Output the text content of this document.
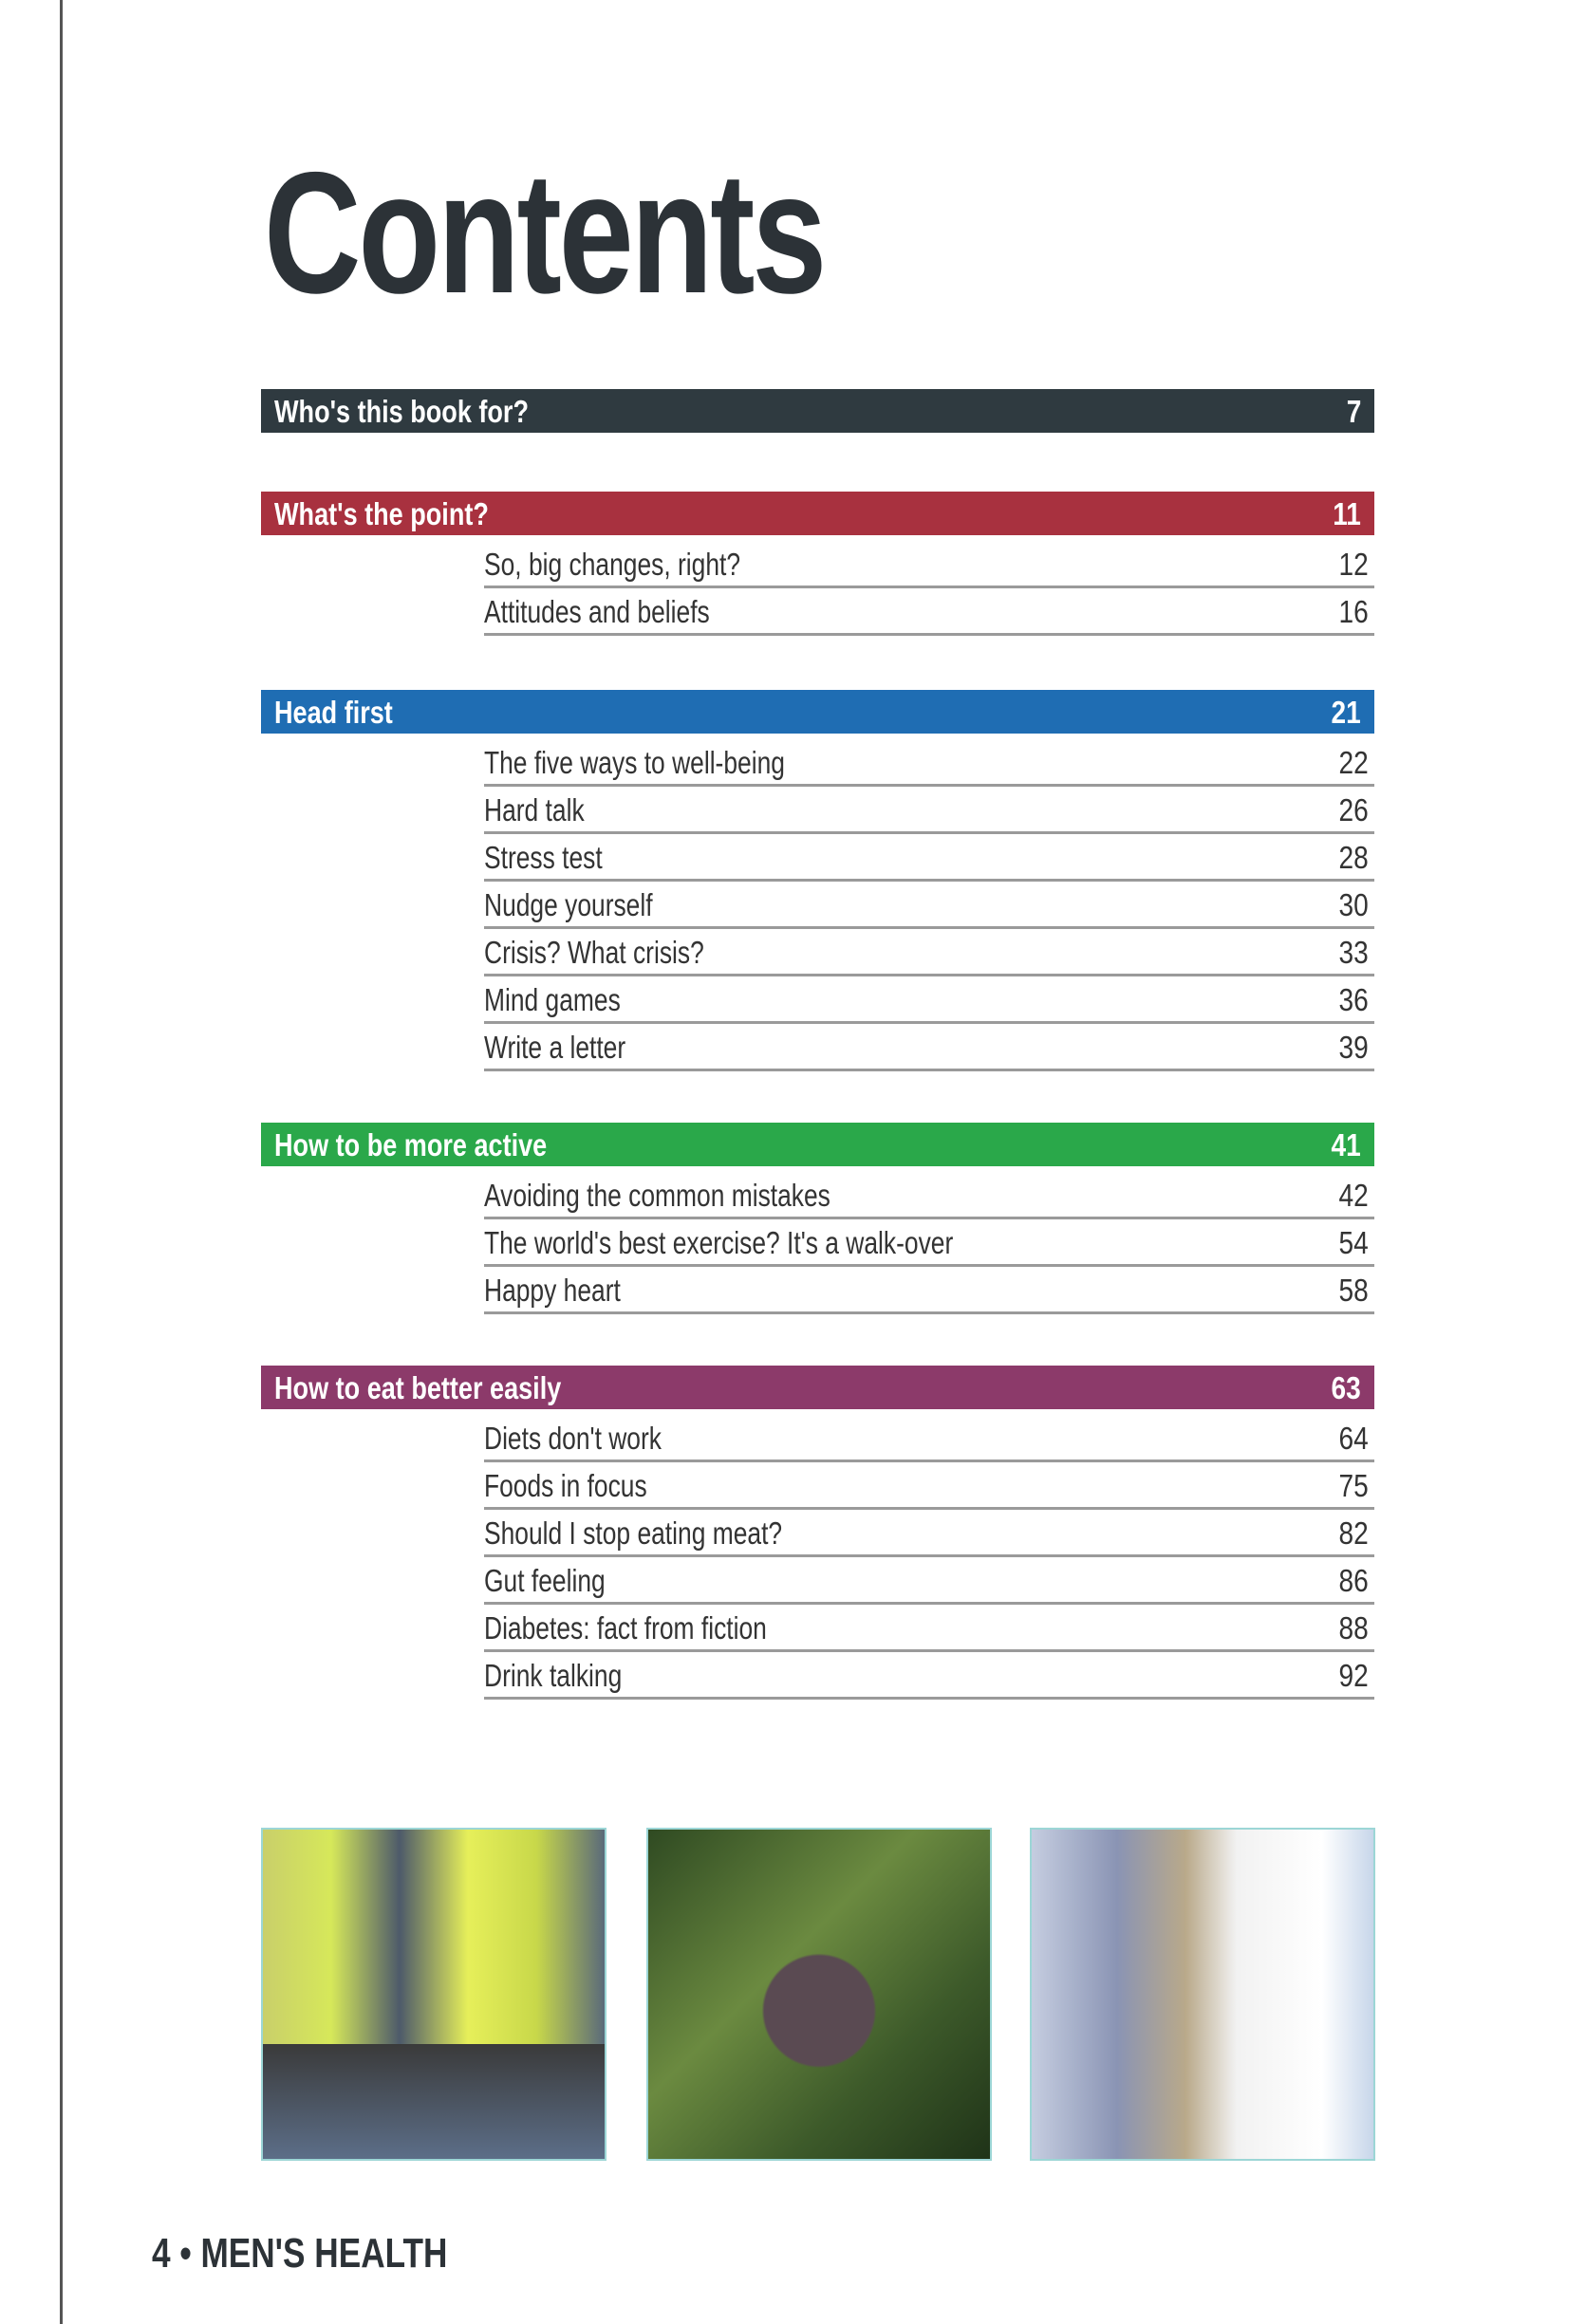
Contents
Who's this book for?	7
What's the point?	11
So, big changes, right?	12
Attitudes and beliefs	16
Head first	21
The five ways to well-being	22
Hard talk	26
Stress test	28
Nudge yourself	30
Crisis? What crisis?	33
Mind games	36
Write a letter	39
How to be more active	41
Avoiding the common mistakes	42
The world's best exercise? It's a walk-over	54
Happy heart	58
How to eat better easily	63
Diets don't work	64
Foods in focus	75
Should I stop eating meat?	82
Gut feeling	86
Diabetes: fact from fiction	88
Drink talking	92
4 • MEN'S HEALTH
